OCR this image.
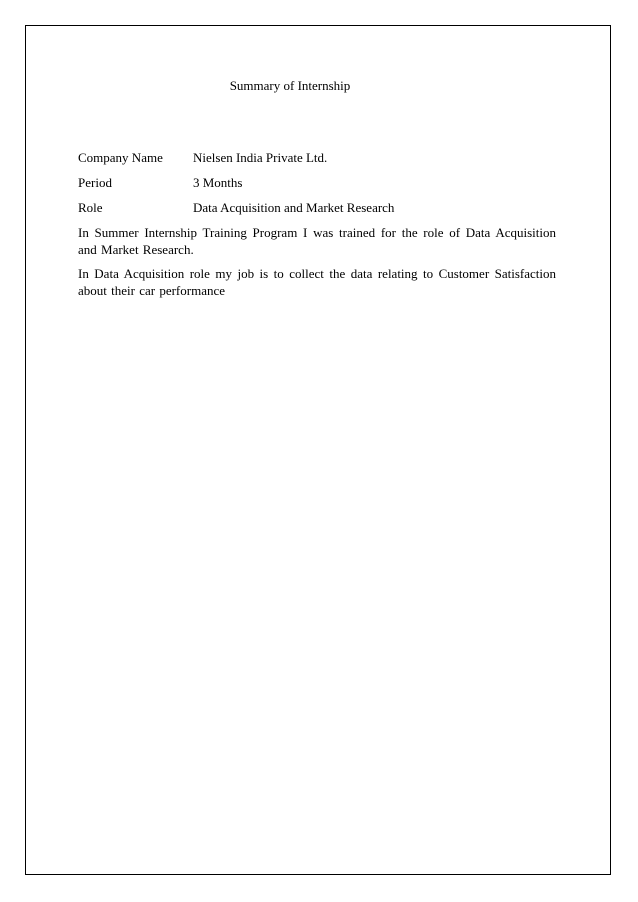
Summary of Internship
Company Name Nielsen India Private Ltd.
Period	3 Months
Role	Data Acquisition and Market Research

In Summer Internship Training Program I was trained for the role of Data Acquisition and Market Research.

In Data Acquisition role my job is to collect the data relating to Customer Satisfaction about their car performance
